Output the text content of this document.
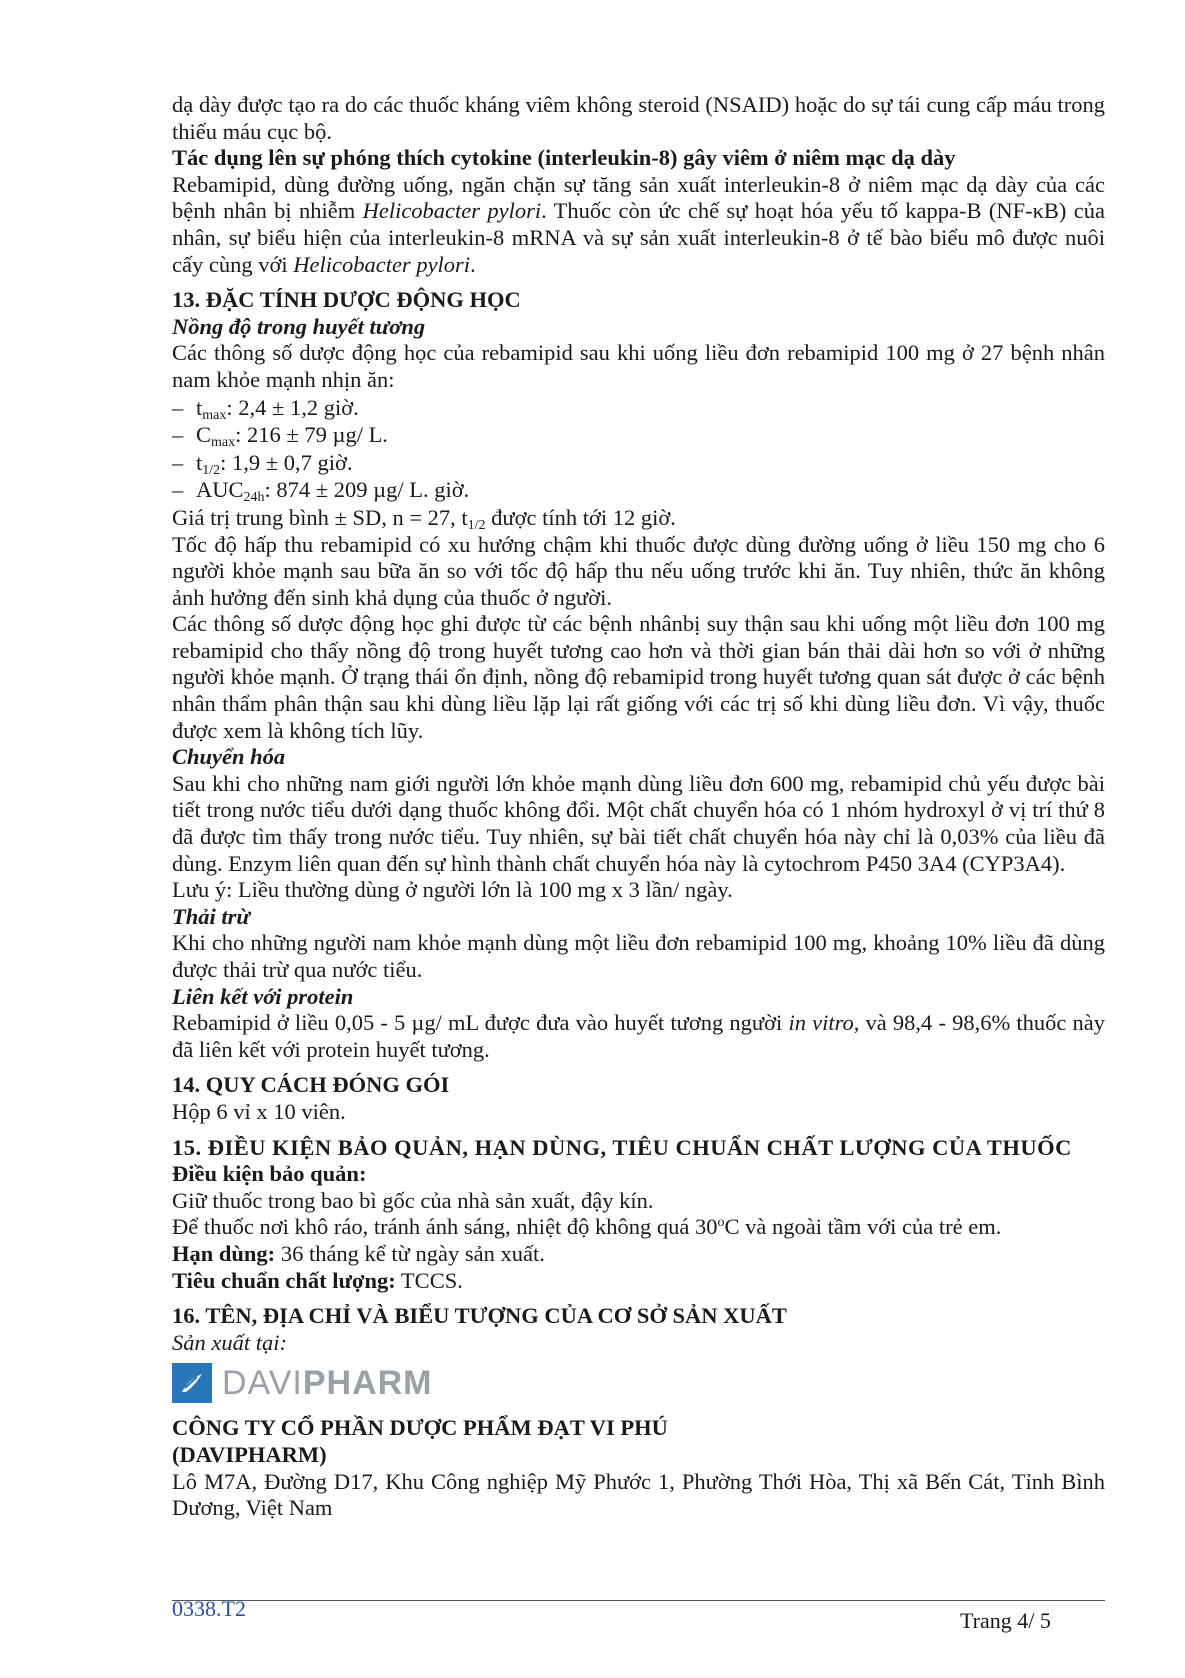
dạ dày được tạo ra do các thuốc kháng viêm không steroid (NSAID) hoặc do sự tái cung cấp máu trong thiếu máu cục bộ.

Tác dụng lên sự phóng thích cytokine (interleukin-8) gây viêm ở niêm mạc dạ dày

Rebamipid, dùng đường uống, ngăn chặn sự tăng sản xuất interleukin-8 ở niêm mạc dạ dày của các bệnh nhân bị nhiễm Helicobacter pylori. Thuốc còn ức chế sự hoạt hóa yếu tố kappa-B (NF-κB) của nhân, sự biểu hiện của interleukin-8 mRNA và sự sản xuất interleukin-8 ở tế bào biểu mô được nuôi cấy cùng với Helicobacter pylori.

13. ĐẶC TÍNH DƯỢC ĐỘNG HỌC

Nồng độ trong huyết tương

Các thông số dược động học của rebamipid sau khi uống liều đơn rebamipid 100 mg ở 27 bệnh nhân nam khỏe mạnh nhịn ăn:

– $t_{max}$: 2,4 ± 1,2 giờ.
– $C_{max}$: 216 ± 79 µg/ L.
– $t_{1/2}$: 1,9 ± 0,7 giờ.
– $AUC_{24h}$: 874 ± 209 µg/ L. giờ.

Giá trị trung bình ± SD, n = 27, $t_{1/2}$ được tính tới 12 giờ.

Tốc độ hấp thu rebamipid có xu hướng chậm khi thuốc được dùng đường uống ở liều 150 mg cho 6 người khỏe mạnh sau bữa ăn so với tốc độ hấp thu nếu uống trước khi ăn. Tuy nhiên, thức ăn không ảnh hưởng đến sinh khả dụng của thuốc ở người.

Các thông số dược động học ghi được từ các bệnh nhânbị suy thận sau khi uống một liều đơn 100 mg rebamipid cho thấy nồng độ trong huyết tương cao hơn và thời gian bán thải dài hơn so với ở những người khỏe mạnh. Ở trạng thái ổn định, nồng độ rebamipid trong huyết tương quan sát được ở các bệnh nhân thẩm phân thận sau khi dùng liều lặp lại rất giống với các trị số khi dùng liều đơn. Vì vậy, thuốc được xem là không tích lũy.

Chuyển hóa

Sau khi cho những nam giới người lớn khỏe mạnh dùng liều đơn 600 mg, rebamipid chủ yếu được bài tiết trong nước tiểu dưới dạng thuốc không đổi. Một chất chuyển hóa có 1 nhóm hydroxyl ở vị trí thứ 8 đã được tìm thấy trong nước tiểu. Tuy nhiên, sự bài tiết chất chuyển hóa này chỉ là 0,03% của liều đã dùng. Enzym liên quan đến sự hình thành chất chuyển hóa này là cytochrom P450 3A4 (CYP3A4).

Lưu ý: Liều thường dùng ở người lớn là 100 mg x 3 lần/ ngày.

Thải trừ

Khi cho những người nam khỏe mạnh dùng một liều đơn rebamipid 100 mg, khoảng 10% liều đã dùng được thải trừ qua nước tiểu.

Liên kết với protein

Rebamipid ở liều 0,05 - 5 µg/ mL được đưa vào huyết tương người in vitro, và 98,4 - 98,6% thuốc này đã liên kết với protein huyết tương.

14. QUY CÁCH ĐÓNG GÓI

Hộp 6 vỉ x 10 viên.

15. ĐIỀU KIỆN BẢO QUẢN, HẠN DÙNG, TIÊU CHUẨN CHẤT LƯỢNG CỦA THUỐC

Điều kiện bảo quản:

Giữ thuốc trong bao bì gốc của nhà sản xuất, đậy kín.

Để thuốc nơi khô ráo, tránh ánh sáng, nhiệt độ không quá 30$^o$C và ngoài tầm với của trẻ em.

Hạn dùng: 36 tháng kể từ ngày sản xuất.

Tiêu chuẩn chất lượng: TCCS.

16. TÊN, ĐỊA CHỈ VÀ BIỂU TƯỢNG CỦA CƠ SỞ SẢN XUẤT

Sản xuất tại:

DAVIPHARM

CÔNG TY CỔ PHẦN DƯỢC PHẨM ĐẠT VI PHÚ

(DAVIPHARM)

Lô M7A, Đường D17, Khu Công nghiệp Mỹ Phước 1, Phường Thới Hòa, Thị xã Bến Cát, Tỉnh Bình Dương, Việt Nam

0338.T2	Trang 4/ 5
